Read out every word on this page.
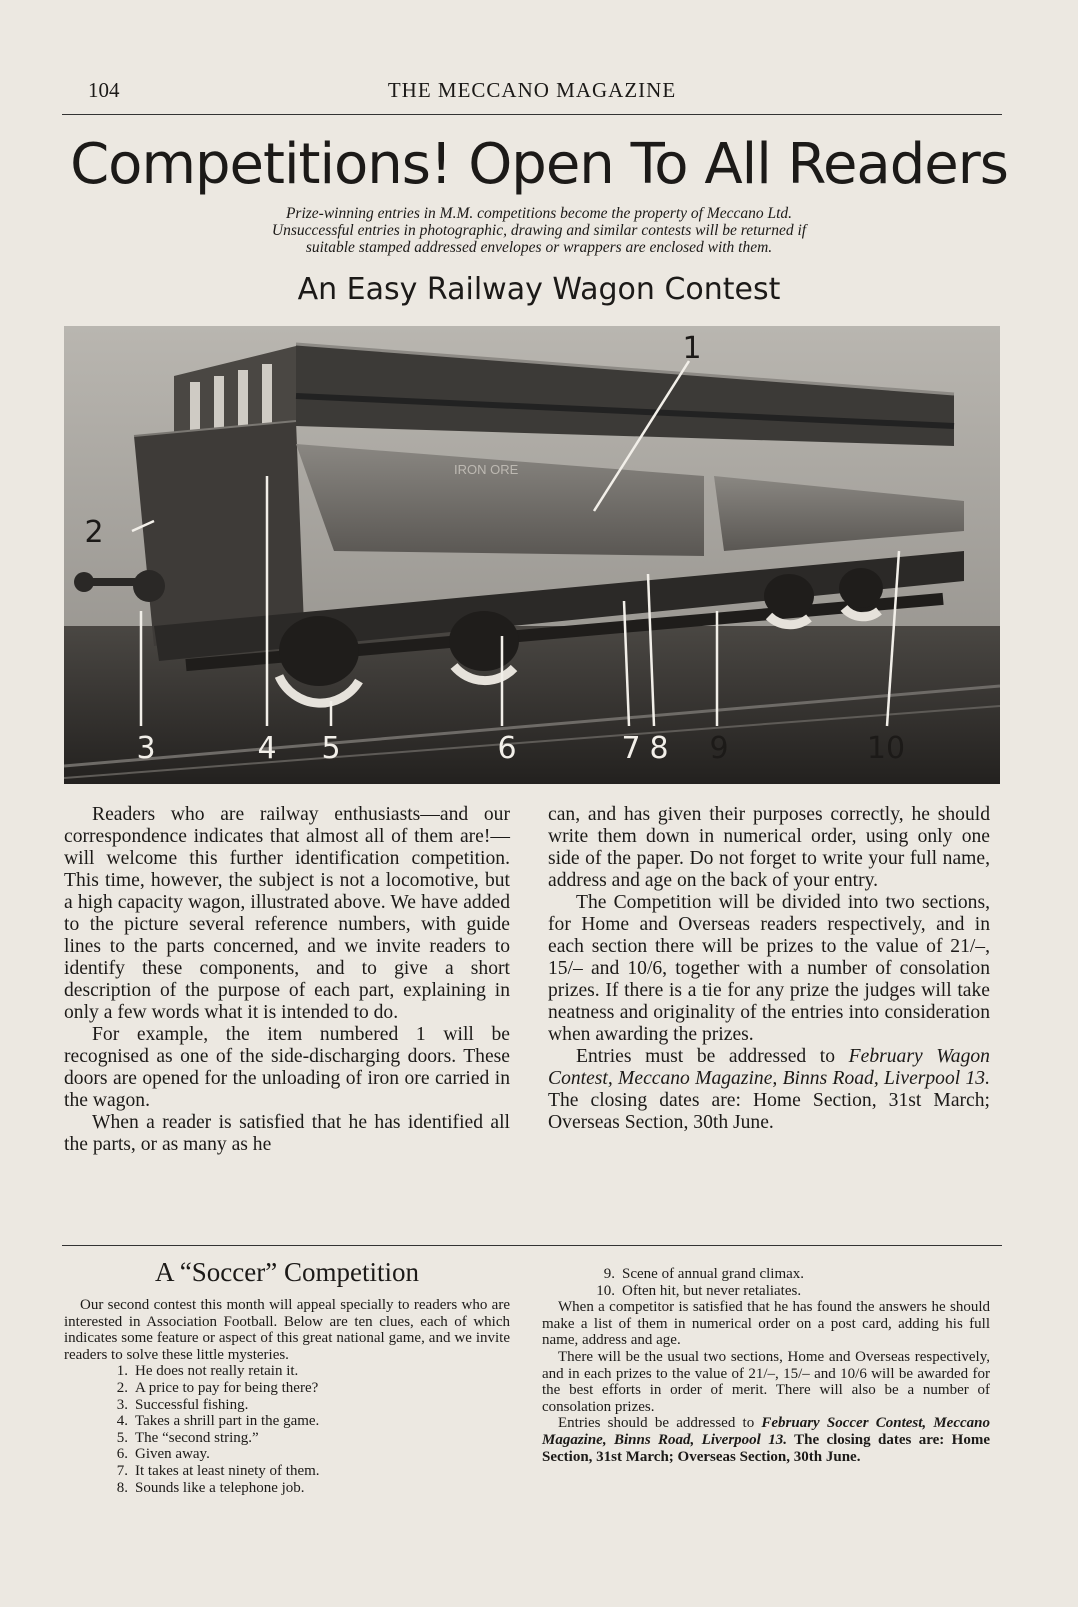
104	THE MECCANO MAGAZINE
Competitions! Open To All Readers
Prize-winning entries in M.M. competitions become the property of Meccano Ltd.
Unsuccessful entries in photographic, drawing and similar contests will be returned if
suitable stamped addressed envelopes or wrappers are enclosed with them.
An Easy Railway Wagon Contest
IRON ORE
1
2
3	4 5	6	7 8 9	10

Readers who are railway enthusiasts—and our correspondence indicates that almost all of them are!—will welcome this further identification competition. This time, however, the subject is not a locomotive, but a high capacity wagon, illustrated above. We have added to the picture several reference numbers, with guide lines to the parts concerned, and we invite readers to identify these components, and to give a short description of the purpose of each part, explaining in only a few words what it is intended to do.

For example, the item numbered 1 will be recognised as one of the side-discharging doors. These doors are opened for the unloading of iron ore carried in the wagon.

When a reader is satisfied that he has identified all the parts, or as many as he

can, and has given their purposes correctly, he should write them down in numerical order, using only one side of the paper. Do not forget to write your full name, address and age on the back of your entry.

The Competition will be divided into two sections, for Home and Overseas readers respectively, and in each section there will be prizes to the value of 21/–, 15/– and 10/6, together with a number of consolation prizes. If there is a tie for any prize the judges will take neatness and originality of the entries into consideration when awarding the prizes.

Entries must be addressed to February Wagon Contest, Meccano Magazine, Binns Road, Liverpool 13. The closing dates are: Home Section, 31st March; Overseas Section, 30th June.

A “Soccer” Competition

Our second contest this month will appeal specially to readers who are interested in Association Football. Below are ten clues, each of which indicates some feature or aspect of this great national game, and we invite readers to solve these little mysteries.

1. He does not really retain it.
2. A price to pay for being there?
3. Successful fishing.
4. Takes a shrill part in the game.
5. The “second string.”
6. Given away.
7. It takes at least ninety of them.
8. Sounds like a telephone job.
9. Scene of annual grand climax.
10. Often hit, but never retaliates.

When a competitor is satisfied that he has found the answers he should make a list of them in numerical order on a post card, adding his full name, address and age.

There will be the usual two sections, Home and Overseas respectively, and in each prizes to the value of 21/–, 15/– and 10/6 will be awarded for the best efforts in order of merit. There will also be a number of consolation prizes.

Entries should be addressed to February Soccer Contest, Meccano Magazine, Binns Road, Liverpool 13. The closing dates are: Home Section, 31st March; Overseas Section, 30th June.
